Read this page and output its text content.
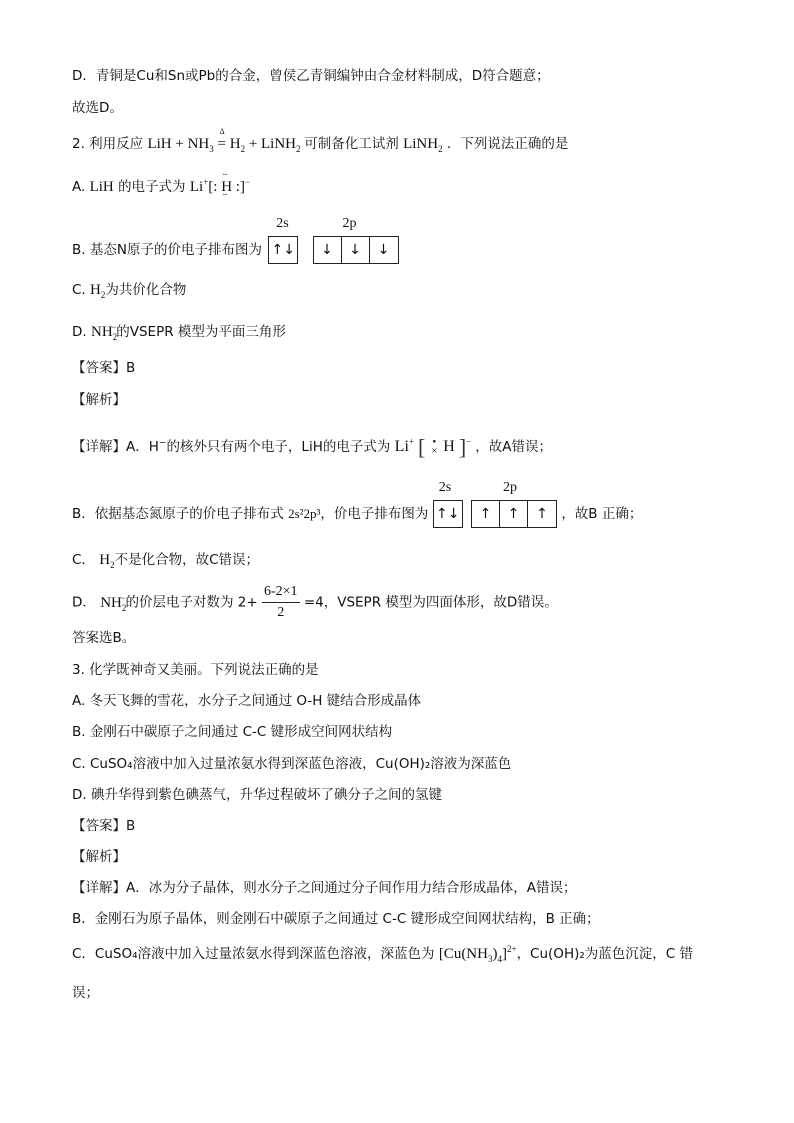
D．青铜是Cu和Sn或Pb的合金，曾侯乙青铜编钟由合金材料制成，D符合题意；
故选D。
2. 利用反应 LiH + $NH_3$
Δ
= $H_2$ + LiNH$_2$ 可制备化工试剂 LiNH$_2$ ．下列说法正确的是
A. LiH 的电子式为 Li+[: ·· H ·· :]−
B. 基态N原子的价电子排布图为
2s
↑↓

2p
↓	↓	↓
C. $H_2$为共价化合物
D. $NH_2^-$的VSEPR 模型为平面三角形
【答案】B
【解析】
【详解】A．H−的核外只有两个电子，LiH的电子式为 Li+ [ •
× H ]− ，故A错误；
B．依据基态氮原子的价电子排布式 2s²2p³，价电子排布图为
2s
↑↓

2p
↑	↑	↑ ，故B 正确；
C． $H_2$不是化合物，故C错误；
D． $NH_2^-$的价层电子对数为 $2+ \frac{6-2\times 1}{2} =4$，VSEPR 模型为四面体形，故D错误。
答案选B。
3. 化学既神奇又美丽。下列说法正确的是
A. 冬天飞舞的雪花，水分子之间通过 O-H 键结合形成晶体
B. 金刚石中碳原子之间通过 C-C 键形成空间网状结构
C. CuSO₄溶液中加入过量浓氨水得到深蓝色溶液，Cu(OH)₂溶液为深蓝色
D. 碘升华得到紫色碘蒸气，升华过程破坏了碘分子之间的氢键
【答案】B
【解析】
【详解】A．冰为分子晶体，则水分子之间通过分子间作用力结合形成晶体，A错误；
B．金刚石为原子晶体，则金刚石中碳原子之间通过 C-C 键形成空间网状结构，B 正确；
C．CuSO₄溶液中加入过量浓氨水得到深蓝色溶液，深蓝色为 $[Cu(NH_3)_4]^{2+}$，Cu(OH)₂为蓝色沉淀，C 错
误；
